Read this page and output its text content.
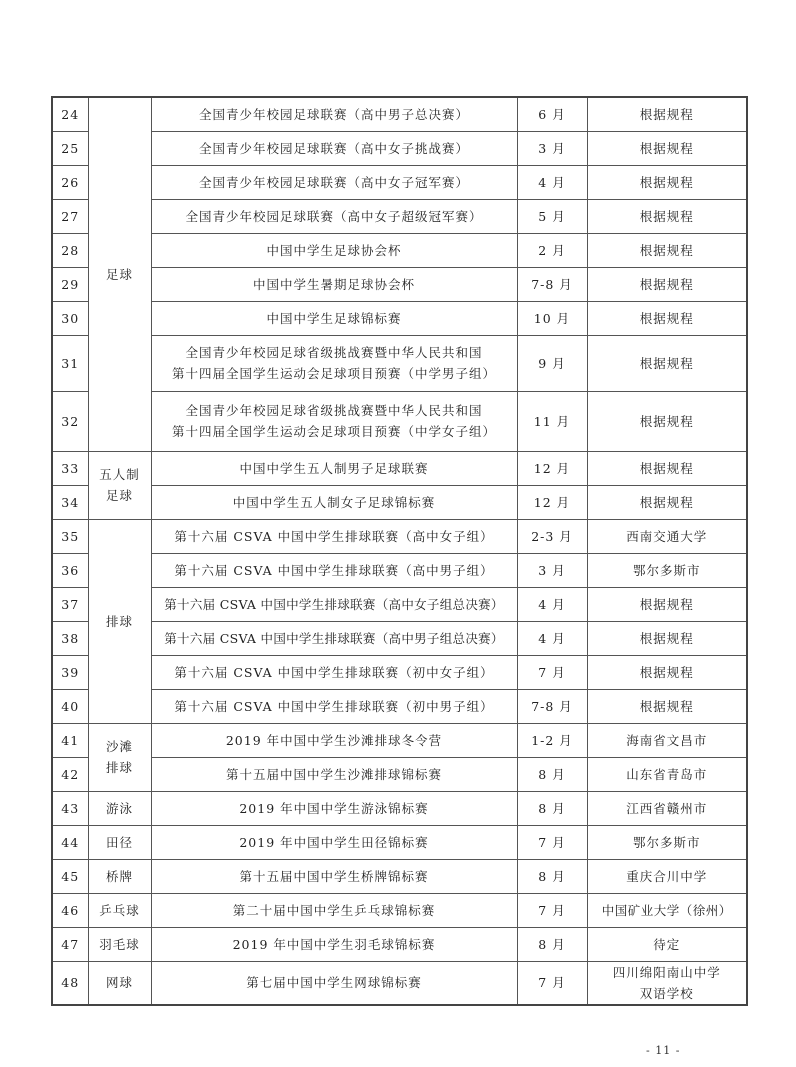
24	足球	全国青少年校园足球联赛（高中男子总决赛）	6 月	根据规程
25		全国青少年校园足球联赛（高中女子挑战赛）	3 月	根据规程
26		全国青少年校园足球联赛（高中女子冠军赛）	4 月	根据规程
27		全国青少年校园足球联赛（高中女子超级冠军赛）	5 月	根据规程
28		中国中学生足球协会杯	2 月	根据规程
29		中国中学生暑期足球协会杯	7-8 月	根据规程
30		中国中学生足球锦标赛	10 月	根据规程
31		全国青少年校园足球省级挑战赛暨中华人民共和国
第十四届全国学生运动会足球项目预赛（中学男子组）	9 月	根据规程
32		全国青少年校园足球省级挑战赛暨中华人民共和国
第十四届全国学生运动会足球项目预赛（中学女子组）	11 月	根据规程
33	五人制
足球	中国中学生五人制男子足球联赛	12 月	根据规程
34		中国中学生五人制女子足球锦标赛	12 月	根据规程
35	排球	第十六届 CSVA 中国中学生排球联赛（高中女子组）	2-3 月	西南交通大学
36		第十六届 CSVA 中国中学生排球联赛（高中男子组）	3 月	鄂尔多斯市
37		第十六届 CSVA 中国中学生排球联赛（高中女子组总决赛）	4 月	根据规程
38		第十六届 CSVA 中国中学生排球联赛（高中男子组总决赛）	4 月	根据规程
39		第十六届 CSVA 中国中学生排球联赛（初中女子组）	7 月	根据规程
40		第十六届 CSVA 中国中学生排球联赛（初中男子组）	7-8 月	根据规程
41	沙滩
排球	2019 年中国中学生沙滩排球冬令营	1-2 月	海南省文昌市
42		第十五届中国中学生沙滩排球锦标赛	8 月	山东省青岛市
43	游泳	2019 年中国中学生游泳锦标赛	8 月	江西省赣州市
44	田径	2019 年中国中学生田径锦标赛	7 月	鄂尔多斯市
45	桥牌	第十五届中国中学生桥牌锦标赛	8 月	重庆合川中学
46	乒乓球	第二十届中国中学生乒乓球锦标赛	7 月	中国矿业大学（徐州）
47	羽毛球	2019 年中国中学生羽毛球锦标赛	8 月	待定
48	网球	第七届中国中学生网球锦标赛	7 月	四川绵阳南山中学
双语学校
- 11 -
